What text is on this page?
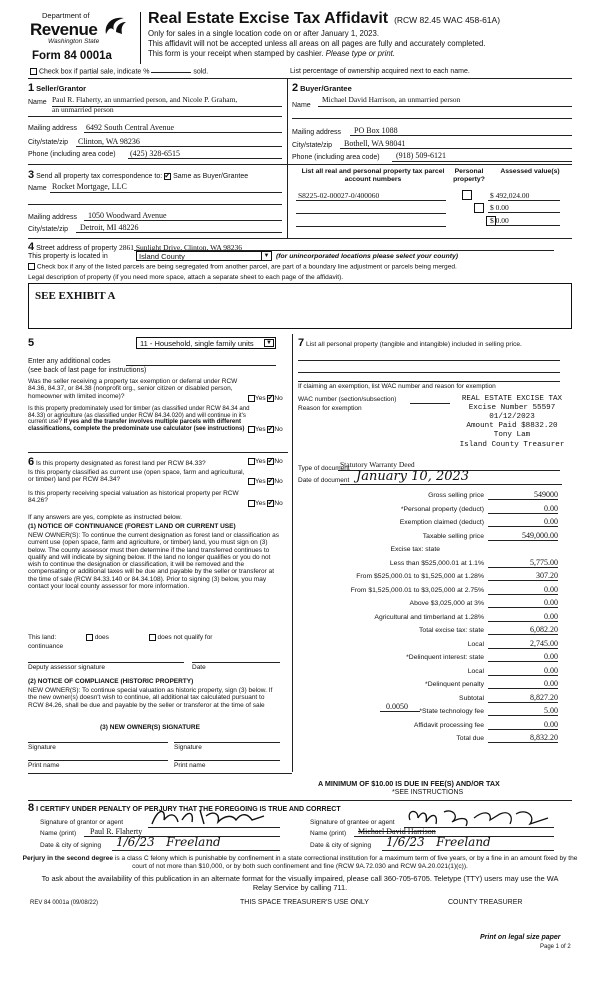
Department of
Revenue
Washington State
Form 84 0001a
Real Estate Excise Tax Affidavit (RCW 82.45 WAC 458-61A)
Only for sales in a single location code on or after January 1, 2023.
This affidavit will not be accepted unless all areas on all pages are fully and accurately completed.
This form is your receipt when stamped by cashier. Please type or print.
Check box if partial sale, indicate %	sold.	List percentage of ownership acquired next to each name.
1 Seller/Grantor
Name Paul R. Flaherty, an unmarried person, and Nicole P. Graham,
an unmarried person
Mailing address 6492 South Central Avenue
City/state/zip Clinton, WA 98236
Phone (including area code) (425) 328-6515
2 Buyer/Grantee
Name
Michael David Harrison, an unmarried person
Mailing address PO Box 1088
City/state/zip Bothell, WA 98041
Phone (including area code) (918) 509-6121
3 Send all property tax correspondence to: ✓ Same as Buyer/Grantee
Name Rocket Mortgage, LLC
Mailing address 1050 Woodward Avenue
City/state/zip Detroit, MI 48226
List all real and personal property tax parcel account numbers
Personal property?
Assessed value(s)
S8225-02-00027-0/400060
	$ 492,024.00

$ 0.00
$ 0.00
4 Street address of property 2861 Sunlight Drive, Clinton, WA 98236
This property is located in	Island County	▼ (for unincorporated locations please select your county)
Check box if any of the listed parcels are being segregated from another parcel, are part of a boundary line adjustment or parcels being merged.
Legal description of property (if you need more space, attach a separate sheet to each page of the affidavit).
SEE EXHIBIT A
5	11 - Household, single family units	▼
Enter any additional codes
(see back of last page for instructions)
Was the seller receiving a property tax exemption or deferral under RCW 84.36, 84.37, or 84.38 (nonprofit org., senior citizen or disabled person, homeowner with limited income)?	Yes ✓ No
Is this property predominately used for timber (as classified under RCW 84.34 and 84.33) or agriculture (as classified under RCW 84.34.020) and will continue in it's current use? If yes and the transfer involves multiple parcels with different classifications, complete the predominate use calculator (see instructions)	Yes ✓ No
6 Is this property designated as forest land per RCW 84.33?	Yes ✓ No
Is this property classified as current use (open space, farm and agricultural, or timber) land per RCW 84.34?	Yes ✓ No
Is this property receiving special valuation as historical property per RCW 84.26?	Yes ✓ No
If any answers are yes, complete as instructed below.
(1) NOTICE OF CONTINUANCE (FOREST LAND OR CURRENT USE)
NEW OWNER(S): To continue the current designation as forest land or classification as current use (open space, farm and agriculture, or timber) land, you must sign on (3) below. The county assessor must then determine if the land transferred continues to qualify and will indicate by signing below. If the land no longer qualifies or you do not wish to continue the designation or classification, it will be removed and the compensating or additional taxes will be due and payable by the seller or transferor at the time of sale (RCW 84.33.140 or 84.34.108). Prior to signing (3) below, you may contact your local county assessor for more information.
This land:	does	does not qualify for
continuance
Deputy assessor signature	Date
(2) NOTICE OF COMPLIANCE (HISTORIC PROPERTY)
NEW OWNER(S): To continue special valuation as historic property, sign (3) below. If the new owner(s) doesn't wish to continue, all additional tax calculated pursuant to RCW 84.26, shall be due and payable by the seller or transferor at the time of sale
(3) NEW OWNER(S) SIGNATURE
Signature	Signature
Print name	Print name
7 List all personal property (tangible and intangible) included in selling price.
If claiming an exemption, list WAC number and reason for exemption
WAC number (section/subsection)
Reason for exemption
REAL ESTATE EXCISE TAX
Excise Number 55597
01/12/2023
Amount Paid $8832.20
Tony Lam
Island County Treasurer
Type of document
Statutory Warranty Deed
Date of document January 10, 2023
Gross selling price	549000
*Personal property (deduct)	0.00
Exemption claimed (deduct)	0.00
Taxable selling price	549,000.00
Excise tax: state
Less than $525,000.01 at 1.1%	5,775.00
From $525,000.01 to $1,525,000 at 1.28%	307.20
From $1,525,000.01 to $3,025,000 at 2.75%	0.00
Above $3,025,000 at 3%	0.00
Agricultural and timberland at 1.28%	0.00
Total excise tax: state	6,082.20
Local	2,745.00
*Delinquent interest: state	0.00
Local	0.00
*Delinquent penalty	0.00
Subtotal	8,827.20
*State technology fee	5.00
Affidavit processing fee	0.00
Total due	8,832.20
0.0050
A MINIMUM OF $10.00 IS DUE IN FEE(S) AND/OR TAX
*SEE INSTRUCTIONS
8 I CERTIFY UNDER PENALTY OF PERJURY THAT THE FOREGOING IS TRUE AND CORRECT
Signature of grantor or agent
Name (print) Paul R. Flaherty
Date & city of signing 1/6/23   Freeland
Signature of grantee or agent
Name (print) Michael David Harrison
Date & city of signing 1/6/23   Freeland
Perjury in the second degree is a class C felony which is punishable by confinement in a state correctional institution for a maximum term of five years, or by a fine in an amount fixed by the court of not more than $10,000, or by both such confinement and fine (RCW 9A.72.030 and RCW 9A.20.021(1)(c)).
To ask about the availability of this publication in an alternate format for the visually impaired, please call 360-705-6705. Teletype (TTY) users may use the WA Relay Service by calling 711.
REV 84 0001a (09/08/22)	THIS SPACE TREASURER'S USE ONLY	COUNTY TREASURER
Print on legal size paper
Page 1 of 2
